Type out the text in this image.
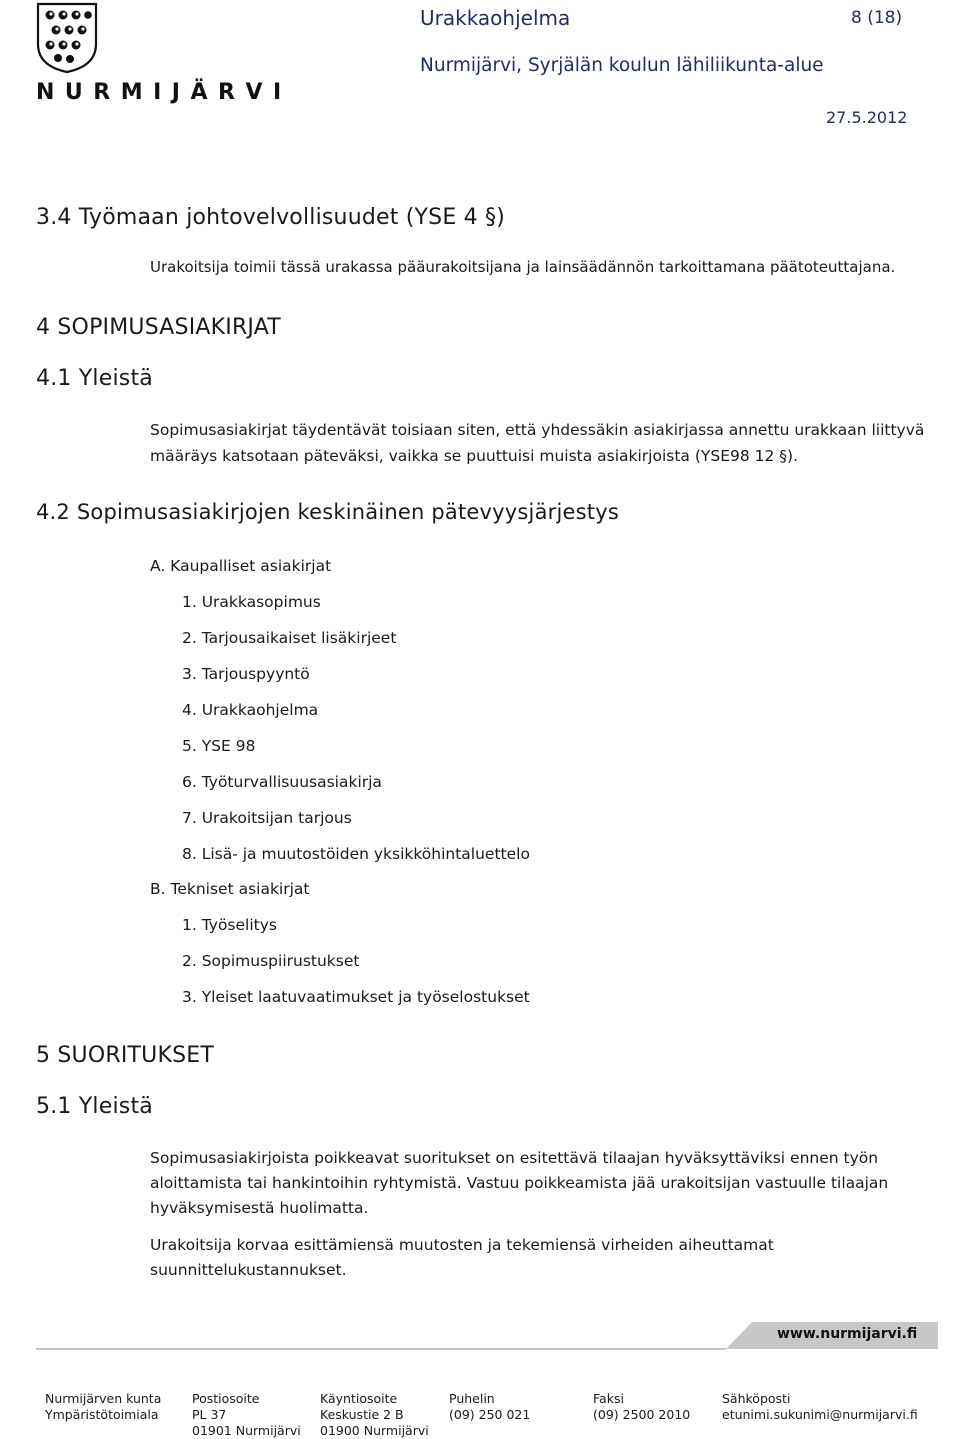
NURMIJÄRVI
Urakkaohjelma	8 (18)
Nurmijärvi, Syrjälän koulun lähiliikunta-alue
27.5.2012
3.4 Työmaan johtovelvollisuudet (YSE 4 §)
Urakoitsija toimii tässä urakassa pääurakoitsijana ja lainsäädännön tarkoittamana päätoteuttajana.
4 SOPIMUSASIAKIRJAT
4.1 Yleistä
Sopimusasiakirjat täydentävät toisiaan siten, että yhdessäkin asiakirjassa annettu urakkaan liittyvä
määräys katsotaan päteväksi, vaikka se puuttuisi muista asiakirjoista (YSE98 12 §).
4.2 Sopimusasiakirjojen keskinäinen pätevyysjärjestys
A. Kaupalliset asiakirjat
1. Urakkasopimus
2. Tarjousaikaiset lisäkirjeet
3. Tarjouspyyntö
4. Urakkaohjelma
5. YSE 98
6. Työturvallisuusasiakirja
7. Urakoitsijan tarjous
8. Lisä- ja muutostöiden yksikköhintaluettelo
B. Tekniset asiakirjat
1. Työselitys
2. Sopimuspiirustukset
3. Yleiset laatuvaatimukset ja työselostukset
5 SUORITUKSET
5.1 Yleistä
Sopimusasiakirjoista poikkeavat suoritukset on esitettävä tilaajan hyväksyttäviksi ennen työn
aloittamista tai hankintoihin ryhtymistä. Vastuu poikkeamista jää urakoitsijan vastuulle tilaajan
hyväksymisestä huolimatta.
Urakoitsija korvaa esittämiensä muutosten ja tekemiensä virheiden aiheuttamat
suunnittelukustannukset.
www.nurmijarvi.fi
Nurmijärven kunta
Ympäristötoimiala
Postiosoite
PL 37
01901 Nurmijärvi
Käyntiosoite
Keskustie 2 B
01900 Nurmijärvi
Puhelin
(09) 250 021
Faksi
(09) 2500 2010
Sähköposti
etunimi.sukunimi@nurmijarvi.fi
